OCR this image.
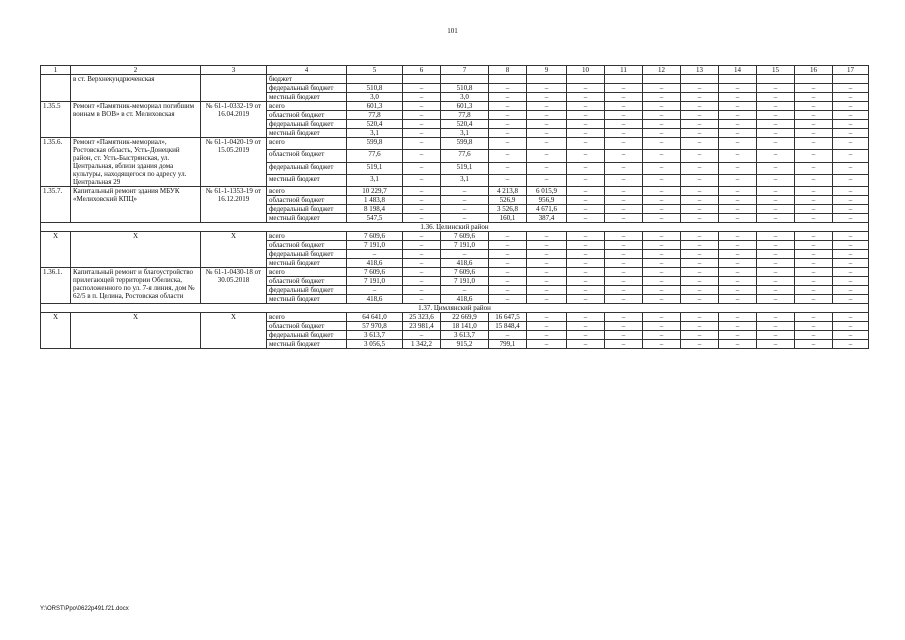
101
1	2	3	4	5	6	7	8	9	10	11	12	13	14	15	16	17
	в ст. Верхнекундрюченская		бюджет													
			федеральный бюджет	510,8	–	510,8	–	–	–	–	–	–	–	–	–	–
			местный бюджет	3,0	–	3,0	–	–	–	–	–	–	–	–	–	–
1.35.5	Ремонт «Памятник-мемориал погибшим воинам в ВОВ» в ст. Мелиховская	№ 61-1-0332-19 от 16.04.2019	всего	601,3	–	601,3	–	–	–	–	–	–	–	–	–	–
			областной бюджет	77,8	–	77,8	–	–	–	–	–	–	–	–	–	–
			федеральный бюджет	520,4	–	520,4	–	–	–	–	–	–	–	–	–	–
			местный бюджет	3,1	–	3,1	–	–	–	–	–	–	–	–	–	–
1.35.6.	Ремонт «Памятник-мемориал», Ростовская область, Усть-Донецкий район, ст. Усть-Быстрянская, ул. Центральная, вблизи здания дома культуры, находящегося по адресу ул. Центральная 29	№ 61-1-0420-19 от 15.05.2019	всего	599,8	–	599,8	–	–	–	–	–	–	–	–	–	–
			областной бюджет	77,6	–	77,6	–	–	–	–	–	–	–	–	–	–
			федеральный бюджет	519,1	–	519,1	–	–	–	–	–	–	–	–	–	–
			местный бюджет	3,1	–	3,1	–	–	–	–	–	–	–	–	–	–
1.35.7.	Капитальный ремонт здания МБУК «Мелиховский КПЦ»	№ 61-1-1353-19 от 16.12.2019	всего	10 229,7	–	–	4 213,8	6 015,9	–	–	–	–	–	–	–	–
			областной бюджет	1 483,8	–	–	526,9	956,9	–	–	–	–	–	–	–	–
			федеральный бюджет	8 198,4	–	–	3 526,8	4 671,6	–	–	–	–	–	–	–	–
			местный бюджет	547,5	–	–	160,1	387,4	–	–	–	–	–	–	–	–
1.36. Целинский район																
X	X	X	всего	7 609,6	–	7 609,6	–	–	–	–	–	–	–	–	–	–
			областной бюджет	7 191,0	–	7 191,0	–	–	–	–	–	–	–	–	–	–
			федеральный бюджет	–	–	–	–	–	–	–	–	–	–	–	–	–
			местный бюджет	418,6	–	418,6	–	–	–	–	–	–	–	–	–	–
1.36.1.	Капитальный ремонт и благоустройство прилегающей территории Обелиска, расположенного по ул. 7-я линия, дом № 62/5 в п. Целина, Ростовская области	№ 61-1-0430-18 от 30.05.2018	всего	7 609,6	–	7 609,6	–	–	–	–	–	–	–	–	–	–
			областной бюджет	7 191,0	–	7 191,0	–	–	–	–	–	–	–	–	–	–
			федеральный бюджет	–	–	–	–	–	–	–	–	–	–	–	–	–
			местный бюджет	418,6	–	418,6	–	–	–	–	–	–	–	–	–	–
1.37. Цимлянский район																
X	X	X	всего	64 641,0	25 323,6	22 669,9	16 647,5	–	–	–	–	–	–	–	–	–
			областной бюджет	57 970,8	23 981,4	18 141,0	15 848,4	–	–	–	–	–	–	–	–	–
			федеральный бюджет	3 613,7	–	3 613,7	–	–	–	–	–	–	–	–	–	–
			местный бюджет	3 056,5	1 342,2	915,2	799,1	–	–	–	–	–	–	–	–	–
Y:\ORST\Ppo\0622p491.f21.docx
